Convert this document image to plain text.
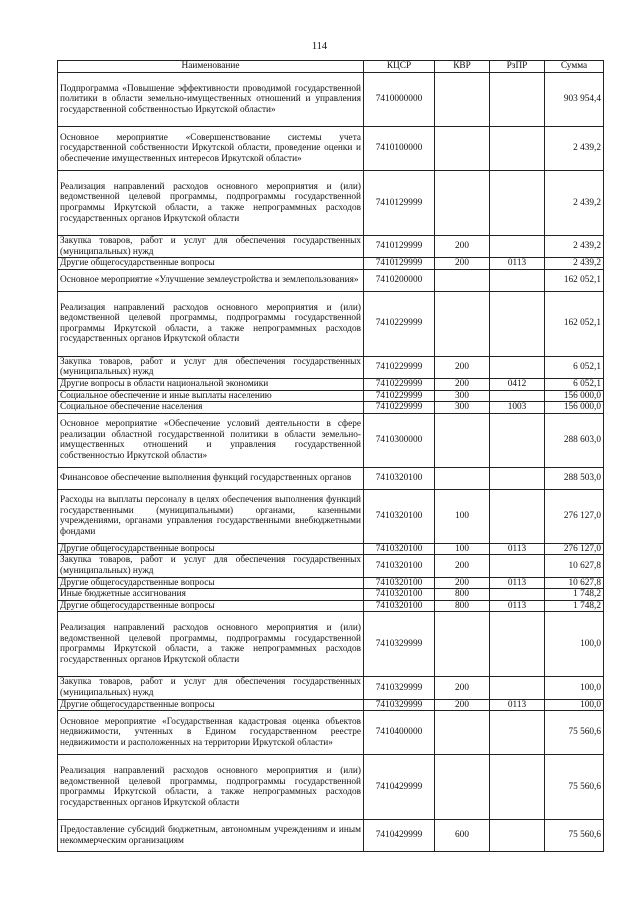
114
Наименование	КЦСР	КВР	РзПР	Сумма
Подпрограмма «Повышение эффективности проводимой государственной политики в области земельно-имущественных отношений и управления государственной собственностью Иркутской области»	7410000000			903 954,4
Основное мероприятие «Совершенствование системы учета государственной собственности Иркутской области, проведение оценки и обеспечение имущественных интересов Иркутской области»	7410100000			2 439,2
Реализация направлений расходов основного мероприятия и (или) ведомственной целевой программы, подпрограммы государственной программы Иркутской области, а также непрограммных расходов государственных органов Иркутской области	7410129999			2 439,2
Закупка товаров, работ и услуг для обеспечения государственных (муниципальных) нужд	7410129999	200		2 439,2
Другие общегосударственные вопросы	7410129999	200	0113	2 439,2
Основное мероприятие «Улучшение землеустройства и землепользования»	7410200000			162 052,1
Реализация направлений расходов основного мероприятия и (или) ведомственной целевой программы, подпрограммы государственной программы Иркутской области, а также непрограммных расходов государственных органов Иркутской области	7410229999			162 052,1
Закупка товаров, работ и услуг для обеспечения государственных (муниципальных) нужд	7410229999	200		6 052,1
Другие вопросы в области национальной экономики	7410229999	200	0412	6 052,1
Социальное обеспечение и иные выплаты населению	7410229999	300		156 000,0
Социальное обеспечение населения	7410229999	300	1003	156 000,0
Основное мероприятие «Обеспечение условий деятельности в сфере реализации областной государственной политики в области земельно-имущественных отношений и управления государственной собственностью Иркутской области»	7410300000			288 603,0
Финансовое обеспечение выполнения функций государственных органов	7410320100			288 503,0
Расходы на выплаты персоналу в целях обеспечения выполнения функций государственными (муниципальными) органами, казенными учреждениями, органами управления государственными внебюджетными фондами	7410320100	100		276 127,0
Другие общегосударственные вопросы	7410320100	100	0113	276 127,0
Закупка товаров, работ и услуг для обеспечения государственных (муниципальных) нужд	7410320100	200		10 627,8
Другие общегосударственные вопросы	7410320100	200	0113	10 627,8
Иные бюджетные ассигнования	7410320100	800		1 748,2
Другие общегосударственные вопросы	7410320100	800	0113	1 748,2
Реализация направлений расходов основного мероприятия и (или) ведомственной целевой программы, подпрограммы государственной программы Иркутской области, а также непрограммных расходов государственных органов Иркутской области	7410329999			100,0
Закупка товаров, работ и услуг для обеспечения государственных (муниципальных) нужд	7410329999	200		100,0
Другие общегосударственные вопросы	7410329999	200	0113	100,0
Основное мероприятие «Государственная кадастровая оценка объектов недвижимости, учтенных в Едином государственном реестре недвижимости и расположенных на территории Иркутской области»	7410400000			75 560,6
Реализация направлений расходов основного мероприятия и (или) ведомственной целевой программы, подпрограммы государственной программы Иркутской области, а также непрограммных расходов государственных органов Иркутской области	7410429999			75 560,6
Предоставление субсидий бюджетным, автономным учреждениям и иным некоммерческим организациям	7410429999	600		75 560,6
